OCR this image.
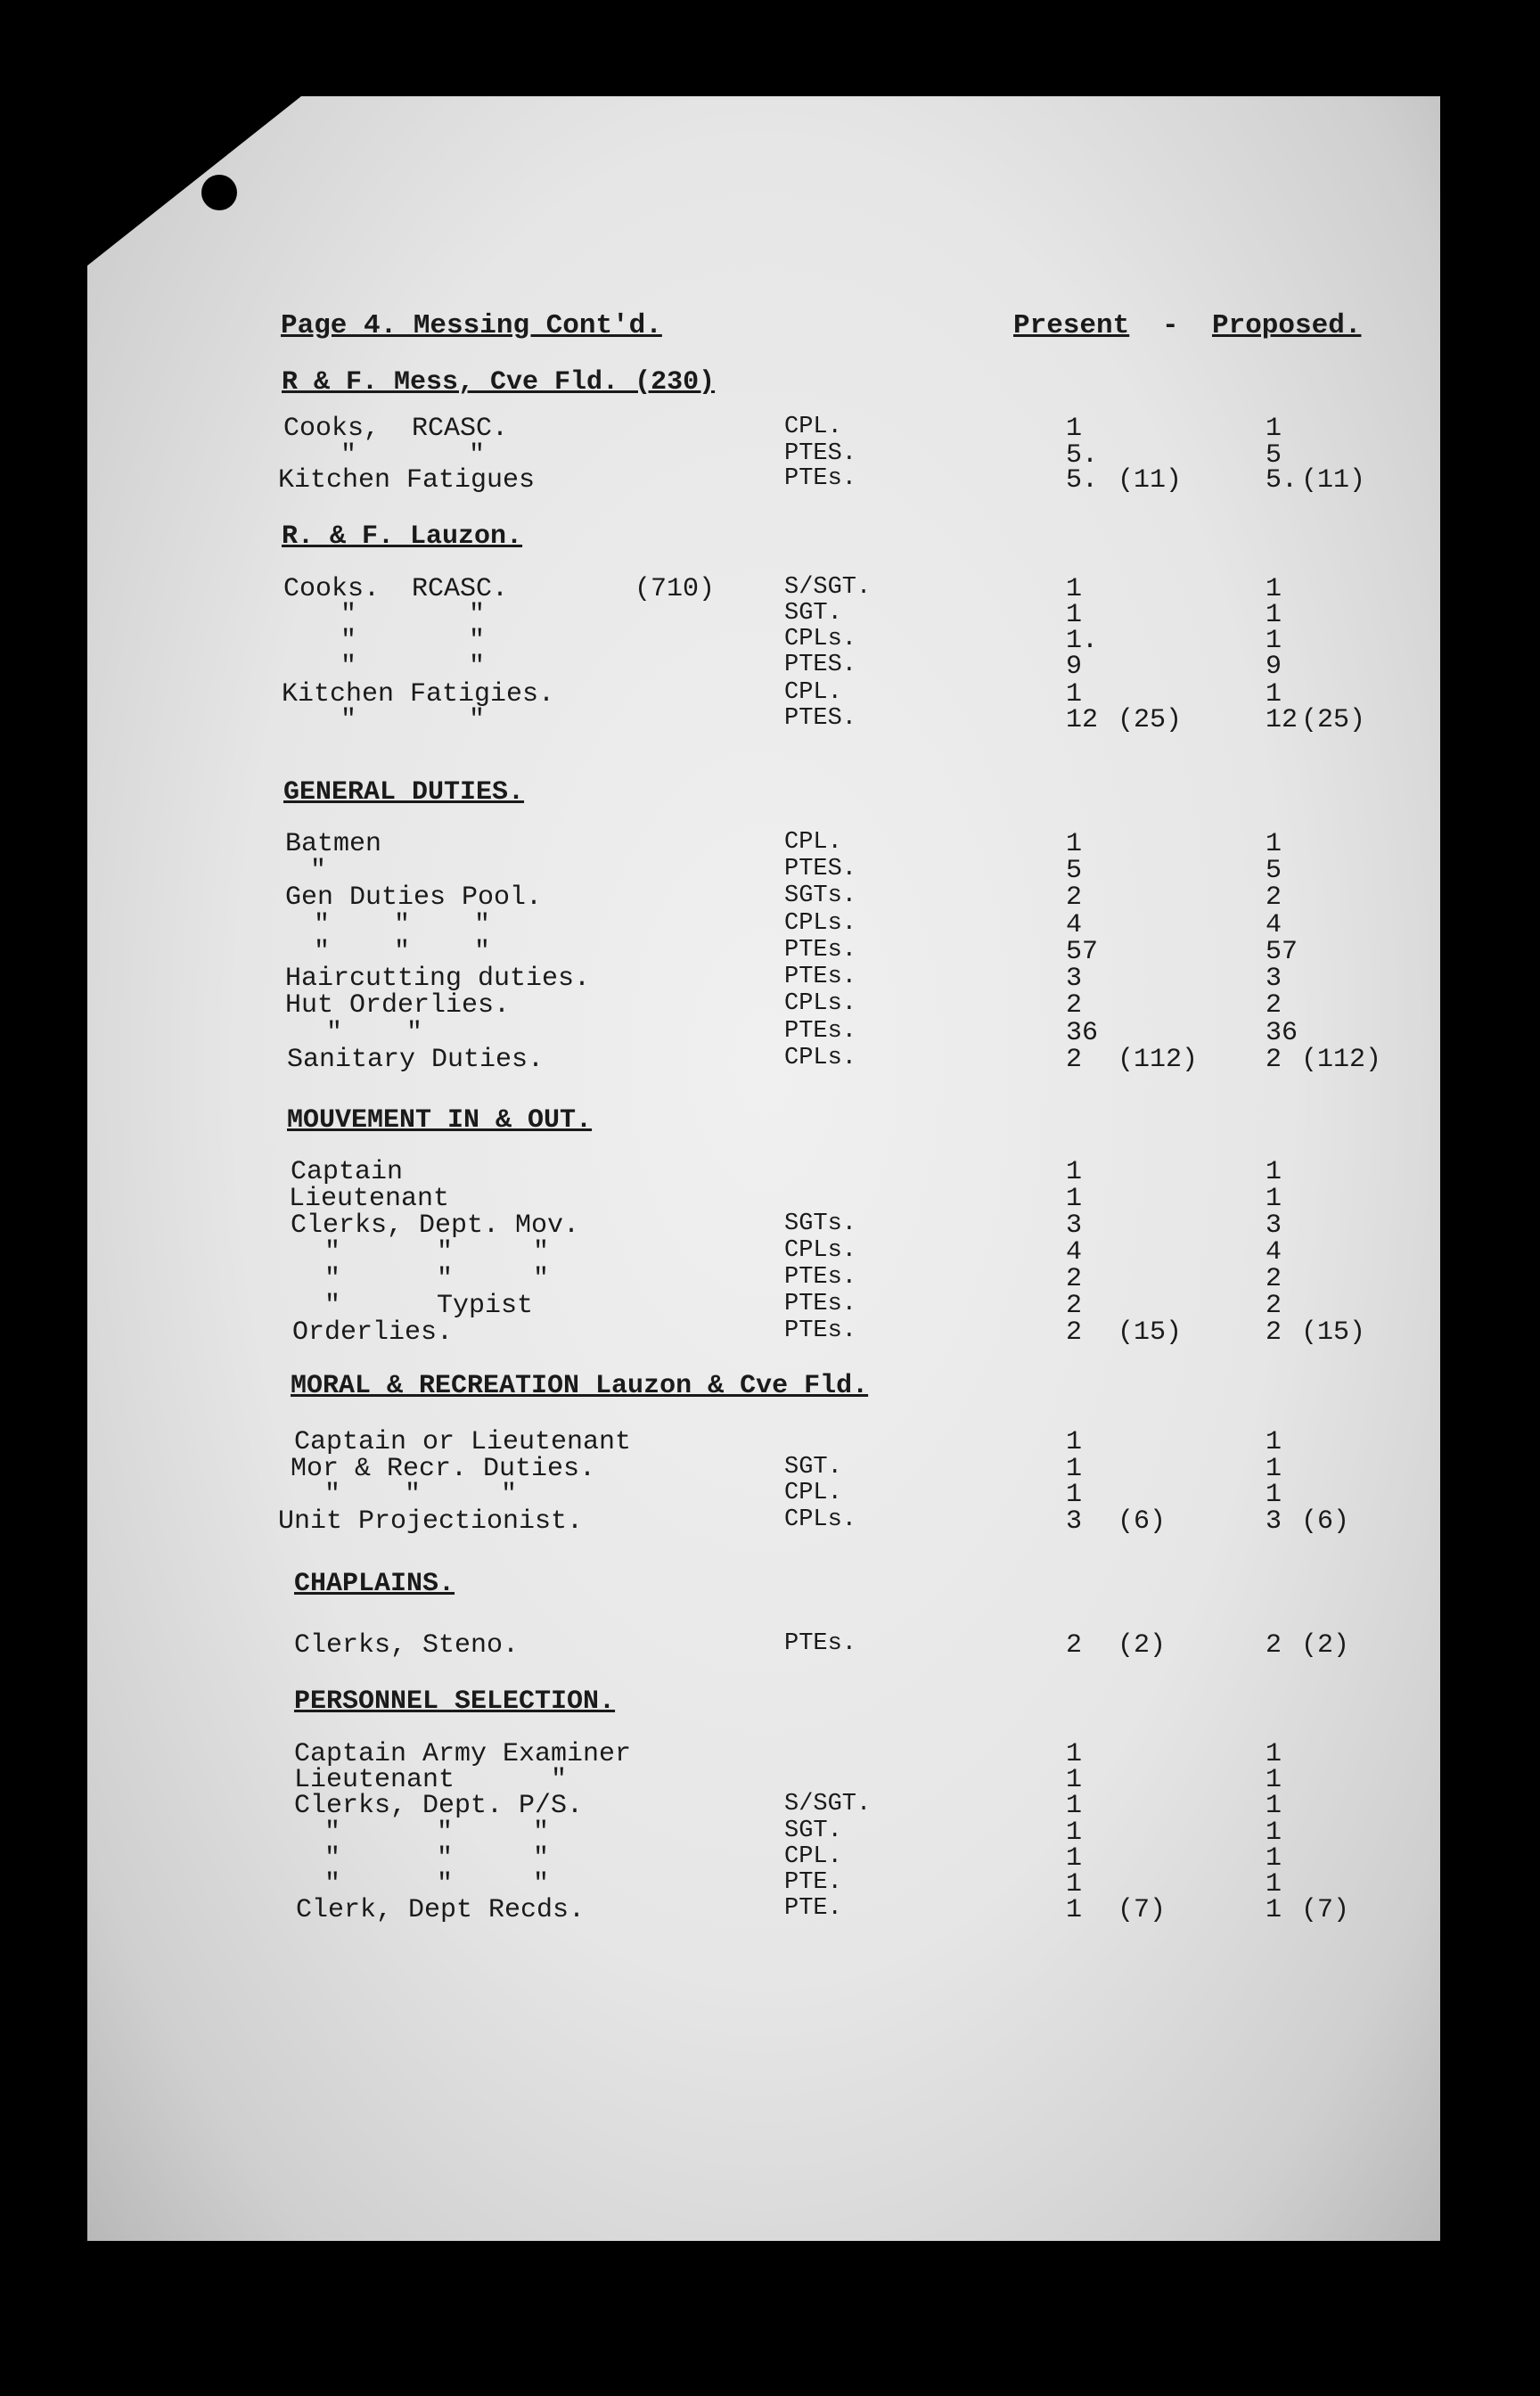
Page 4. Messing Cont'd.	Present - Proposed.
R & F. Mess, Cve Fld. (230)
Cooks,  RCASC.	CPL.	1	1
"       "	PTES.	5.	5
Kitchen Fatigues	PTEs.	5. (11)	5. (11)
R. & F. Lauzon.
Cooks.  RCASC.	(710)	S/SGT.	1	1
"       "	SGT.	1	1
"       "	CPLs.	1.	1
"       "	PTES.	9	9
Kitchen Fatigies.	CPL.	1	1
"       "	PTES.	12 (25)	12 (25)
GENERAL DUTIES.
Batmen	CPL.	1	1
"	PTES.	5	5
Gen Duties Pool.	SGTs.	2	2
"    "    "	CPLs.	4	4
"    "    "	PTEs.	57	57
Haircutting duties.	PTEs.	3	3
Hut Orderlies.	CPLs.	2	2
"    "	PTEs.	36	36
Sanitary Duties.	CPLs.	2 (112)	2 (112)
MOUVEMENT IN & OUT.
Captain	1	1
Lieutenant	1	1
Clerks, Dept. Mov.	SGTs.	3	3
"      "     "	CPLs.	4	4
"      "     "	PTEs.	2	2
"      Typist	PTEs.	2	2
Orderlies.	PTEs.	2 (15)	2 (15)
MORAL & RECREATION Lauzon & Cve Fld.
Captain or Lieutenant	1	1
Mor & Recr. Duties.	SGT.	1	1
"    "     "	CPL.	1	1
Unit Projectionist.	CPLs.	3 (6)	3 (6)
CHAPLAINS.
Clerks, Steno.	PTEs.	2 (2)	2 (2)
PERSONNEL SELECTION.
Captain Army Examiner	1	1
Lieutenant      "	1	1
Clerks, Dept. P/S.	S/SGT.	1	1
"      "     "	SGT.	1	1
"      "     "	CPL.	1	1
"      "     "	PTE.	1	1
Clerk, Dept Recds.	PTE.	1 (7)	1 (7)
